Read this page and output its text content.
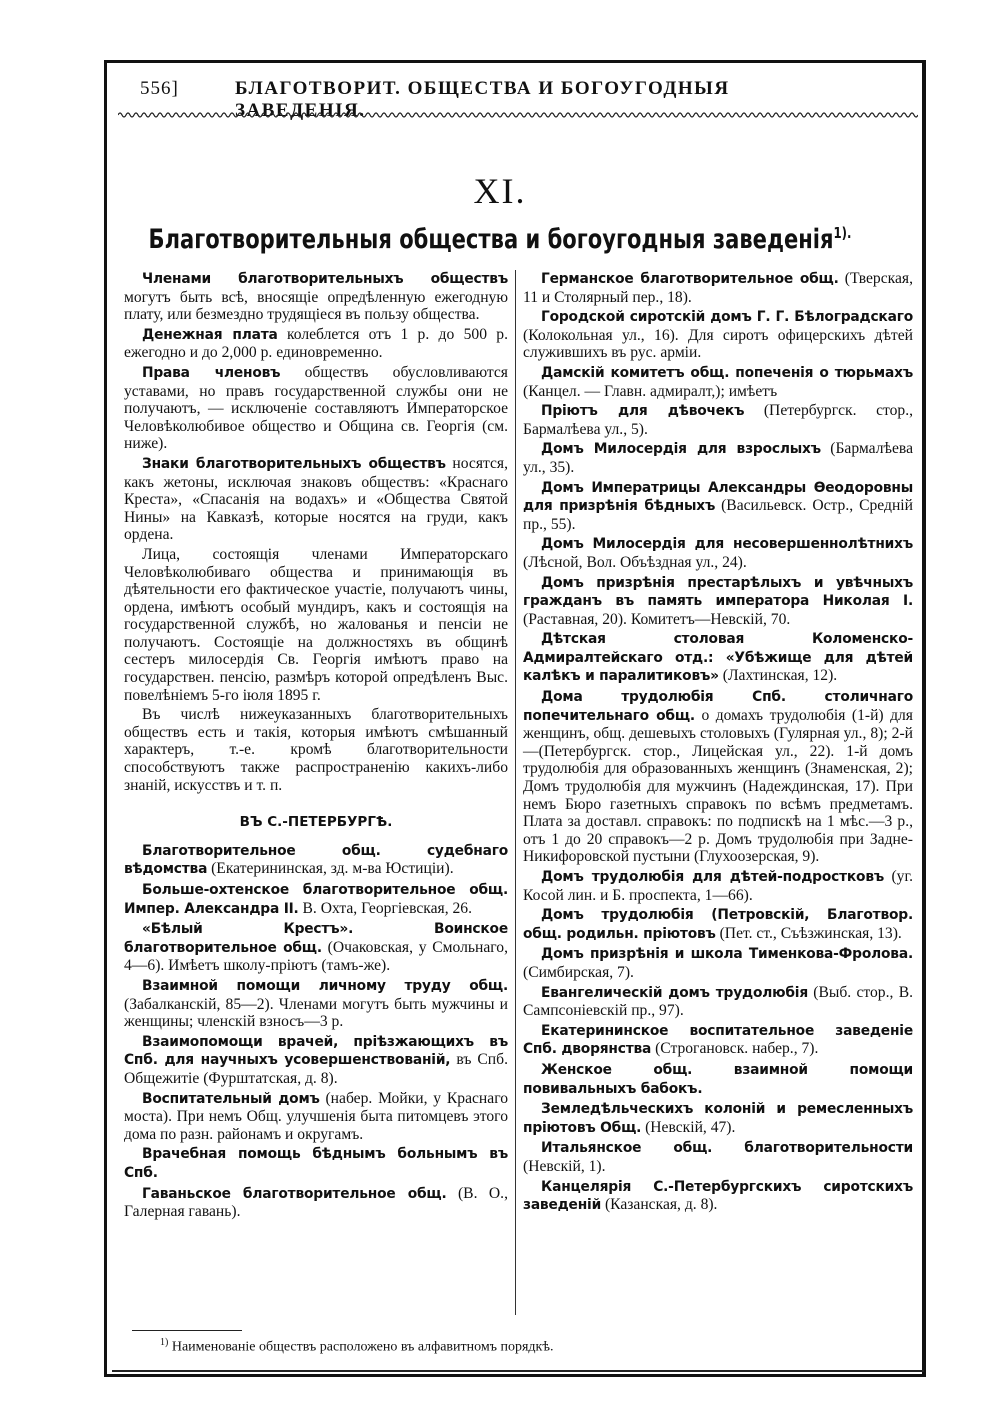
556]	БЛАГОТВОРИТ. ОБЩЕСТВА И БОГОУГОДНЫЯ ЗАВЕДЕНІЯ.
XI.
Благотворительныя общества и богоугодныя заведенія$^{1).}$

Членами благотворительныхъ обществъ могутъ быть всѣ, вносящіе опредѣленную ежегодную плату, или безмездно трудящіеся въ пользу общества.

Денежная плата колеблется отъ 1 р. до 500 р. ежегодно и до 2,000 р. единовременно.

Права членовъ обществъ обусловливаются уставами, но правъ государственной службы они не получаютъ, — исключеніе составляютъ Императорское Человѣколюбивое общество и Община св. Георгія (см. ниже).

Знаки благотворительныхъ обществъ носятся, какъ жетоны, исключая знаковъ обществъ: «Краснаго Креста», «Спасанія на водахъ» и «Общества Святой Нины» на Кавказѣ, которые носятся на груди, какъ ордена.

Лица, состоящія членами Императорскаго Человѣколюбиваго общества и принимающія въ дѣятельности его фактическое участіе, получаютъ чины, ордена, имѣютъ особый мундиръ, какъ и состоящія на государственной службѣ, но жалованья и пенсіи не получаютъ. Состоящіе на должностяхъ въ общинѣ сестеръ милосердія Св. Георгія имѣютъ право на государствен. пенсію, размѣръ которой опредѣленъ Выс. повелѣніемъ 5-го іюля 1895 г.

Въ числѣ нижеуказанныхъ благотворительныхъ обществъ есть и такія, которыя имѣютъ смѣшанный характеръ, т.-е. кромѣ благотворительности способствуютъ также распространенію какихъ-либо знаній, искусствъ и т. п.

ВЪ С.-ПЕТЕРБУРГѢ.

Благотворительное общ. судебнаго вѣдомства (Екатерининская, зд. м-ва Юстиціи).

Больше-охтенское благотворительное общ. Импер. Александра II. В. Охта, Георгіевская, 26.

«Бѣлый Крестъ». Воинское благотворительное общ. (Очаковская, у Смольнаго, 4—6). Имѣетъ школу-пріютъ (тамъ-же).

Взаимной помощи личному труду общ. (Забалканскій, 85—2). Членами могутъ быть мужчины и женщины; членскій взносъ—3 р.

Взаимопомощи врачей, пріѣзжающихъ въ Спб. для научныхъ усовершенствованій, въ Спб. Общежитіе (Фурштатская, д. 8).

Воспитательный домъ (набер. Мойки, у Краснаго моста). При немъ Общ. улучшенія быта питомцевъ этого дома по разн. районамъ и округамъ.

Врачебная помощь бѣднымъ больнымъ въ Спб.

Гаваньское благотворительное общ. (В. О., Галерная гавань).

Германское благотворительное общ. (Тверская, 11 и Столярный пер., 18).

Городской сиротскій домъ Г. Г. Бѣлоградскаго (Колокольная ул., 16). Для сиротъ офицерскихъ дѣтей служившихъ въ рус. арміи.

Дамскій комитетъ общ. попеченія о тюрьмахъ (Канцел. — Главн. адмиралт,); имѣетъ

Пріютъ для дѣвочекъ (Петербургск. стор., Бармалѣева ул., 5).

Домъ Милосердія для взрослыхъ (Бармалѣева ул., 35).

Домъ Императрицы Александры Ѳеодоровны для призрѣнія бѣдныхъ (Васильевск. Остр., Средній пр., 55).

Домъ Милосердія для несовершеннолѣтнихъ (Лѣсной, Вол. Объѣздная ул., 24).

Домъ призрѣнія престарѣлыхъ и увѣчныхъ гражданъ въ память императора Николая I. (Раставная, 20). Комитетъ—Невскій, 70.

Дѣтская столовая Коломенско-Адмиралтейскаго отд.: «Убѣжище для дѣтей калѣкъ и паралитиковъ» (Лахтинская, 12).

Дома трудолюбія Спб. столичнаго попечительнаго общ. о домахъ трудолюбія (1-й) для женщинъ, общ. дешевыхъ столовыхъ (Гулярная ул., 8); 2-й—(Петербургск. стор., Лицейская ул., 22). 1-й домъ трудолюбія для образованныхъ женщинъ (Знаменская, 2); Домъ трудолюбія для мужчинъ (Надеждинская, 17). При немъ Бюро газетныхъ справокъ по всѣмъ предметамъ. Плата за доставл. справокъ: по подпискѣ на 1 мѣс.—3 р., отъ 1 до 20 справокъ—2 р. Домъ трудолюбія при Задне-Никифоровской пустыни (Глухоозерская, 9).

Домъ трудолюбія для дѣтей-подростковъ (уг. Косой лин. и Б. проспекта, 1—66).

Домъ трудолюбія (Петровскій, Благотвор. общ. родильн. пріютовъ (Пет. ст., Съѣзжинская, 13).

Домъ призрѣнія и школа Тименкова-Фролова. (Симбирская, 7).

Евангелическій домъ трудолюбія (Выб. стор., В. Сампсоніевскій пр., 97).

Екатерининское воспитательное заведеніе Спб. дворянства (Строгановск. набер., 7).

Женское общ. взаимной помощи повивальныхъ бабокъ.

Земледѣльческихъ колоній и ремесленныхъ пріютовъ Общ. (Невскій, 47).

Итальянское общ. благотворительности (Невскій, 1).

Канцелярія С.-Петербургскихъ сиротскихъ заведеній (Казанская, д. 8).

$^{1)}$ Наименованіе обществъ расположено въ алфавитномъ порядкѣ.
